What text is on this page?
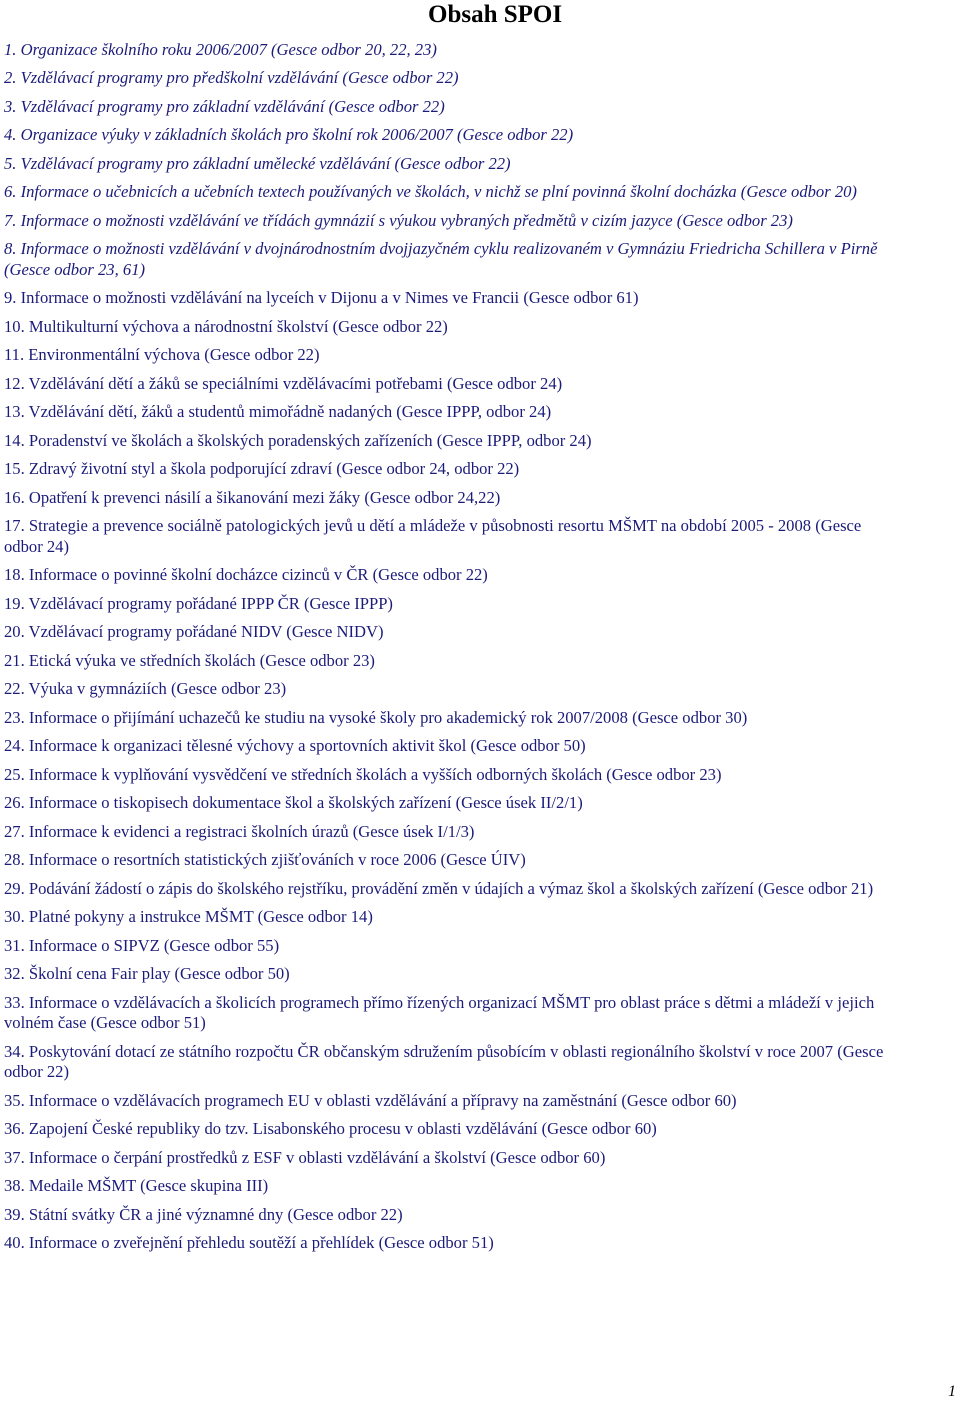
Obsah SPOI
1. Organizace školního roku 2006/2007 (Gesce odbor 20, 22, 23)
2. Vzdělávací programy pro předškolní vzdělávání (Gesce odbor 22)
3. Vzdělávací programy pro základní vzdělávání (Gesce odbor 22)
4. Organizace výuky v základních školách pro školní rok 2006/2007 (Gesce odbor 22)
5. Vzdělávací programy pro základní umělecké vzdělávání (Gesce odbor 22)
6. Informace o učebnicích a učebních textech používaných ve školách, v nichž se plní povinná školní docházka (Gesce odbor 20)
7. Informace o možnosti vzdělávání ve třídách gymnázií s výukou vybraných předmětů v cizím jazyce (Gesce odbor 23)
8. Informace o možnosti vzdělávání v dvojnárodnostním dvojjazyčném cyklu realizovaném v Gymnáziu Friedricha Schillera v Pirně (Gesce odbor 23, 61)
9. Informace o možnosti vzdělávání na lyceích v Dijonu a v Nimes ve Francii (Gesce odbor 61)
10. Multikulturní výchova a národnostní školství (Gesce odbor 22)
11. Environmentální výchova (Gesce odbor 22)
12. Vzdělávání dětí a žáků se speciálními vzdělávacími potřebami (Gesce odbor 24)
13. Vzdělávání dětí, žáků a studentů mimořádně nadaných (Gesce IPPP, odbor 24)
14. Poradenství ve školách a školských poradenských zařízeních (Gesce IPPP, odbor 24)
15. Zdravý životní styl a škola podporující zdraví (Gesce odbor 24, odbor 22)
16. Opatření k prevenci násilí a šikanování mezi žáky (Gesce odbor 24,22)
17. Strategie a prevence sociálně patologických jevů u dětí a mládeže v působnosti resortu MŠMT na období 2005 - 2008 (Gesce odbor 24)
18. Informace o povinné školní docházce cizinců v ČR (Gesce odbor 22)
19. Vzdělávací programy pořádané IPPP ČR (Gesce IPPP)
20. Vzdělávací programy pořádané NIDV (Gesce NIDV)
21. Etická výuka ve středních školách (Gesce odbor 23)
22. Výuka v gymnáziích (Gesce odbor 23)
23. Informace o přijímání uchazečů ke studiu na vysoké školy pro akademický rok 2007/2008 (Gesce odbor 30)
24. Informace k organizaci tělesné výchovy a sportovních aktivit škol (Gesce odbor 50)
25. Informace k vyplňování vysvědčení ve středních školách a vyšších odborných školách (Gesce odbor 23)
26. Informace o tiskopisech dokumentace škol a školských zařízení (Gesce úsek II/2/1)
27. Informace k evidenci a registraci školních úrazů (Gesce úsek I/1/3)
28. Informace o resortních statistických zjišťováních v roce 2006 (Gesce ÚIV)
29. Podávání žádostí o zápis do školského rejstříku, provádění změn v údajích a výmaz škol a školských zařízení (Gesce odbor 21)
30. Platné pokyny a instrukce MŠMT (Gesce odbor 14)
31. Informace o SIPVZ (Gesce odbor 55)
32. Školní cena Fair play (Gesce odbor 50)
33. Informace o vzdělávacích a školicích programech přímo řízených organizací MŠMT pro oblast práce s dětmi a mládeží v jejich volném čase (Gesce odbor 51)
34. Poskytování dotací ze státního rozpočtu ČR občanským sdružením působícím v oblasti regionálního školství v roce 2007 (Gesce odbor 22)
35. Informace o vzdělávacích programech EU v oblasti vzdělávání a přípravy na zaměstnání (Gesce odbor 60)
36. Zapojení České republiky do tzv. Lisabonského procesu v oblasti vzdělávání (Gesce odbor 60)
37. Informace o čerpání prostředků z ESF v oblasti vzdělávání a školství (Gesce odbor 60)
38. Medaile MŠMT (Gesce skupina III)
39. Státní svátky ČR a jiné významné dny (Gesce odbor 22)
40. Informace o zveřejnění přehledu soutěží a přehlídek (Gesce odbor 51)
1
